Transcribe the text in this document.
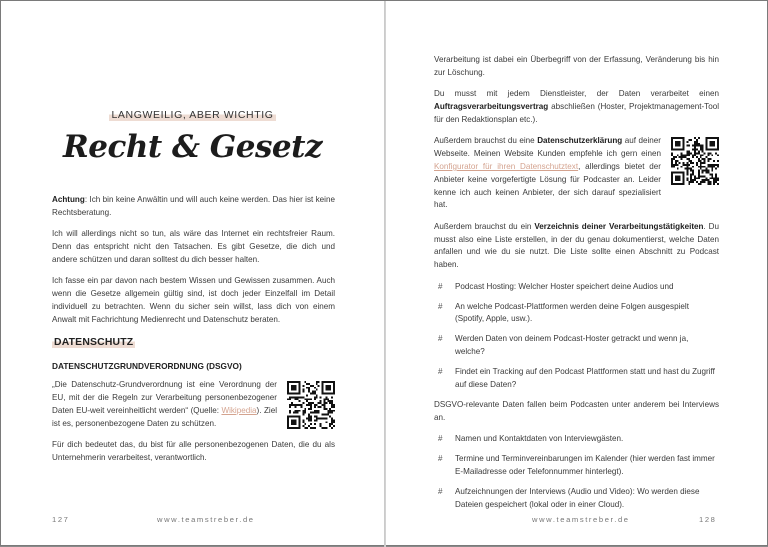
LANGWEILIG, ABER WICHTIG
Recht & Gesetz

Achtung: Ich bin keine Anwältin und will auch keine werden. Das hier ist keine Rechtsberatung.

Ich will allerdings nicht so tun, als wäre das Internet ein rechtsfreier Raum. Denn das entspricht nicht den Tatsachen. Es gibt Gesetze, die dich und andere schützen und daran solltest du dich besser halten.

Ich fasse ein par davon nach bestem Wissen und Gewissen zusammen. Auch wenn die Gesetze allgemein gültig sind, ist doch jeder Einzelfall im Detail individuell zu betrachten. Wenn du sicher sein willst, lass dich von einem Anwalt mit Fachrichtung Medienrecht und Datenschutz beraten.

DATENSCHUTZ
DATENSCHUTZGRUNDVERORDNUNG (DSGVO)

„Die Datenschutz-Grundverordnung ist eine Verordnung der EU, mit der die Regeln zur Verarbeitung personenbezogener Daten EU-weit vereinheitlicht werden“ (Quelle: Wikipedia). Ziel ist es, personenbezogene Daten zu schützen.

Für dich bedeutet das, du bist für alle personenbezogenen Daten, die du als Unternehmerin verarbeitest, verantwortlich.

127	www.teamstreber.de

Verarbeitung ist dabei ein Überbegriff von der Erfassung, Veränderung bis hin zur Löschung.

Du musst mit jedem Dienstleister, der Daten verarbeitet einen Auftragsverarbeitungsvertrag abschließen (Hoster, Projektmanagement-Tool für den Redaktionsplan etc.).

Außerdem brauchst du eine Datenschutzerklärung auf deiner Webseite. Meinen Website Kunden empfehle ich gern einen Konfigurator für ihren Datenschutztext, allerdings bietet der Anbieter keine vorgefertigte Lösung für Podcaster an. Leider kenne ich auch keinen Anbieter, der sich darauf spezialisiert hat.

Außerdem brauchst du ein Verzeichnis deiner Verarbeitungstätigkeiten. Du musst also eine Liste erstellen, in der du genau dokumentierst, welche Daten anfallen und wie du sie nutzt. Die Liste sollte einen Abschnitt zu Podcast haben.

# Podcast Hosting: Welcher Hoster speichert deine Audios und
# An welche Podcast-Plattformen werden deine Folgen ausgespielt (Spotify, Apple, usw.).
# Werden Daten von deinem Podcast-Hoster getrackt und wenn ja, welche?
# Findet ein Tracking auf den Podcast Plattformen statt und hast du Zugriff auf diese Daten?

DSGVO-relevante Daten fallen beim Podcasten unter anderem bei Interviews an.

# Namen und Kontaktdaten von Interviewgästen.
# Termine und Terminvereinbarungen im Kalender (hier werden fast immer E-Mailadresse oder Telefonnummer hinterlegt).
# Aufzeichnungen der Interviews (Audio und Video): Wo werden diese Dateien gespeichert (lokal oder in einer Cloud).
www.teamstreber.de	128
